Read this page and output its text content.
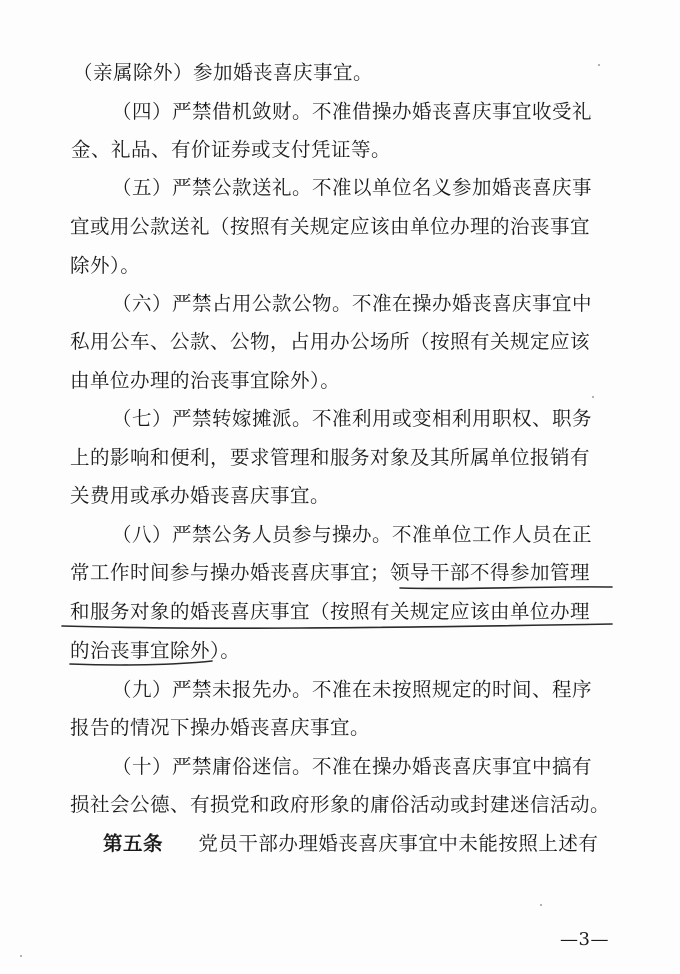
（亲属除外）参加婚丧喜庆事宜。
（四）严禁借机敛财。不准借操办婚丧喜庆事宜收受礼
金、礼品、有价证券或支付凭证等。
（五）严禁公款送礼。不准以单位名义参加婚丧喜庆事
宜或用公款送礼（按照有关规定应该由单位办理的治丧事宜
除外）。
（六）严禁占用公款公物。不准在操办婚丧喜庆事宜中
私用公车、公款、公物，占用办公场所（按照有关规定应该
由单位办理的治丧事宜除外）。
（七）严禁转嫁摊派。不准利用或变相利用职权、职务
上的影响和便利，要求管理和服务对象及其所属单位报销有
关费用或承办婚丧喜庆事宜。
（八）严禁公务人员参与操办。不准单位工作人员在正
常工作时间参与操办婚丧喜庆事宜；领导干部不得参加管理
和服务对象的婚丧喜庆事宜（按照有关规定应该由单位办理
的治丧事宜除外）。
（九）严禁未报先办。不准在未按照规定的时间、程序
报告的情况下操办婚丧喜庆事宜。
（十）严禁庸俗迷信。不准在操办婚丧喜庆事宜中搞有
损社会公德、有损党和政府形象的庸俗活动或封建迷信活动。
第五条 党员干部办理婚丧喜庆事宜中未能按照上述有
—3—
